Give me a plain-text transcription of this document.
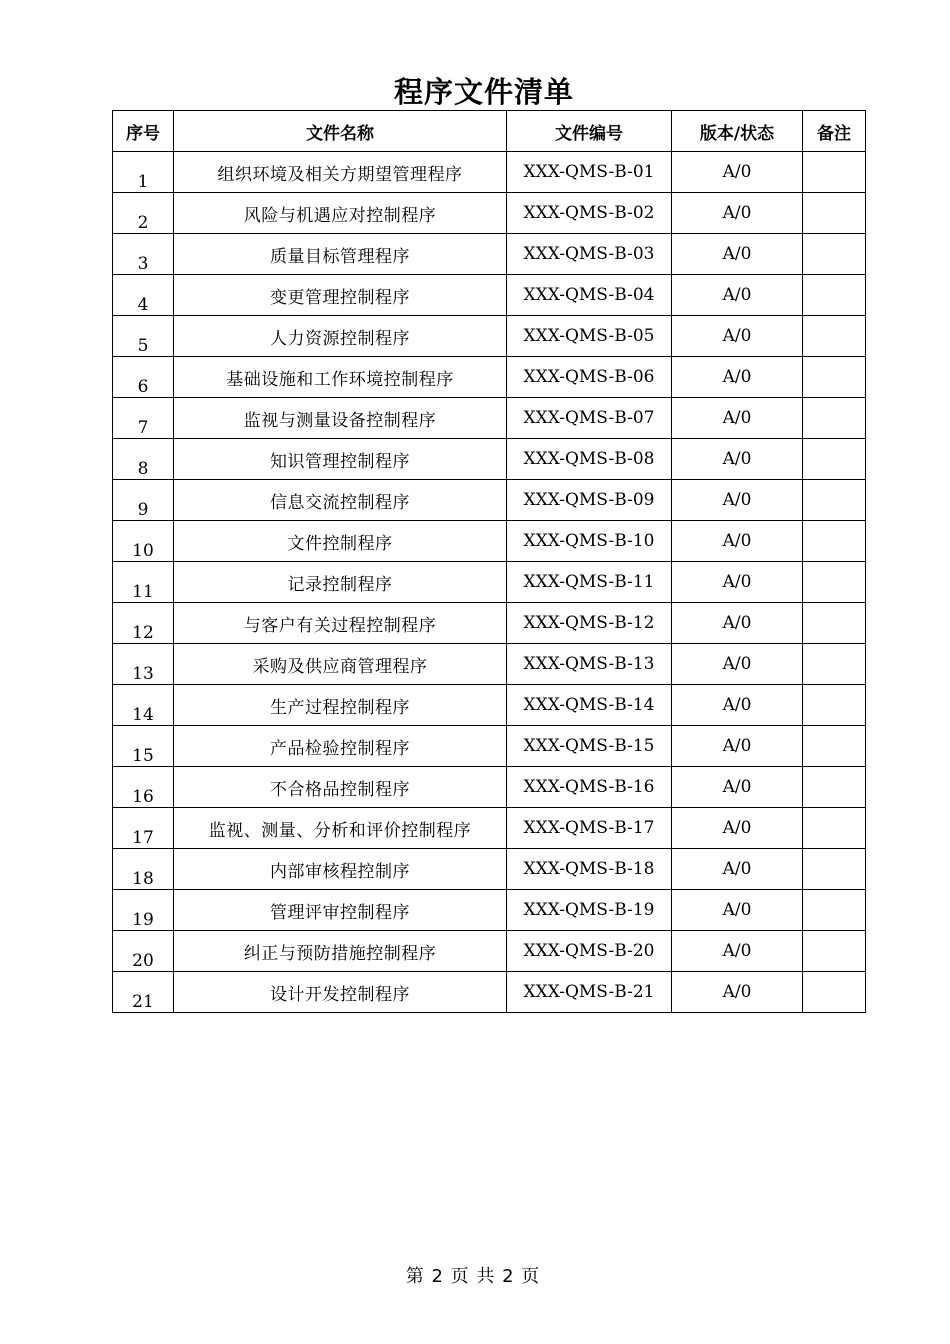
程序文件清单
序号	文件名称	文件编号	版本/状态	备注
1	组织环境及相关方期望管理程序	XXX-QMS-B-01	A/0	
2	风险与机遇应对控制程序	XXX-QMS-B-02	A/0	
3	质量目标管理程序	XXX-QMS-B-03	A/0	
4	变更管理控制程序	XXX-QMS-B-04	A/0	
5	人力资源控制程序	XXX-QMS-B-05	A/0	
6	基础设施和工作环境控制程序	XXX-QMS-B-06	A/0	
7	监视与测量设备控制程序	XXX-QMS-B-07	A/0	
8	知识管理控制程序	XXX-QMS-B-08	A/0	
9	信息交流控制程序	XXX-QMS-B-09	A/0	
10	文件控制程序	XXX-QMS-B-10	A/0	
11	记录控制程序	XXX-QMS-B-11	A/0	
12	与客户有关过程控制程序	XXX-QMS-B-12	A/0	
13	采购及供应商管理程序	XXX-QMS-B-13	A/0	
14	生产过程控制程序	XXX-QMS-B-14	A/0	
15	产品检验控制程序	XXX-QMS-B-15	A/0	
16	不合格品控制程序	XXX-QMS-B-16	A/0	
17	监视、测量、分析和评价控制程序	XXX-QMS-B-17	A/0	
18	内部审核程控制序	XXX-QMS-B-18	A/0	
19	管理评审控制程序	XXX-QMS-B-19	A/0	
20	纠正与预防措施控制程序	XXX-QMS-B-20	A/0	
21	设计开发控制程序	XXX-QMS-B-21	A/0	
第 2 页 共 2 页
